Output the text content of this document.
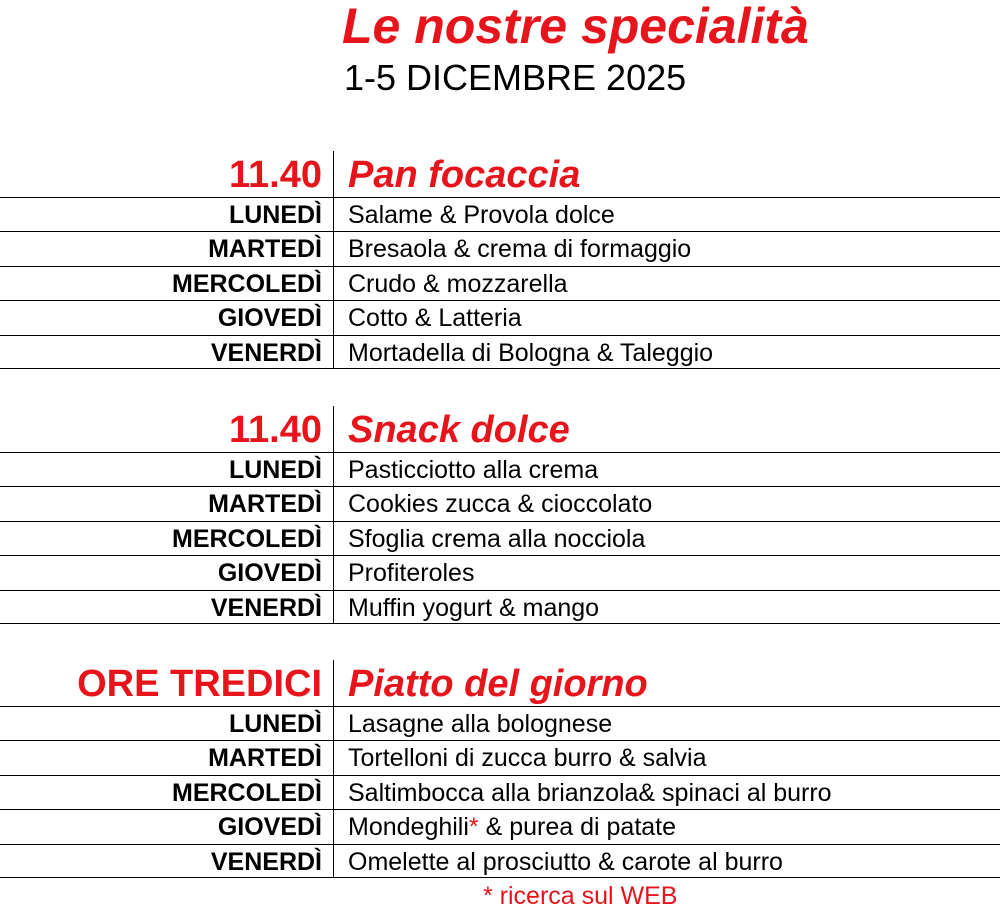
Le nostre specialità
1-5 DICEMBRE 2025
11.40 Pan focaccia
LUNEDÌ Salame & Provola dolce
MARTEDÌ Bresaola & crema di formaggio
MERCOLEDÌ Crudo & mozzarella
GIOVEDÌ Cotto & Latteria
VENERDÌ Mortadella di Bologna & Taleggio
11.40 Snack dolce
LUNEDÌ Pasticciotto alla crema
MARTEDÌ Cookies zucca & cioccolato
MERCOLEDÌ Sfoglia crema alla nocciola
GIOVEDÌ Profiteroles
VENERDÌ Muffin yogurt & mango
ORE TREDICI Piatto del giorno
LUNEDÌ Lasagne alla bolognese
MARTEDÌ Tortelloni di zucca burro & salvia
MERCOLEDÌ Saltimbocca alla brianzola& spinaci al burro
GIOVEDÌ Mondeghili* & purea di patate
VENERDÌ Omelette al prosciutto & carote al burro
* ricerca sul WEB
